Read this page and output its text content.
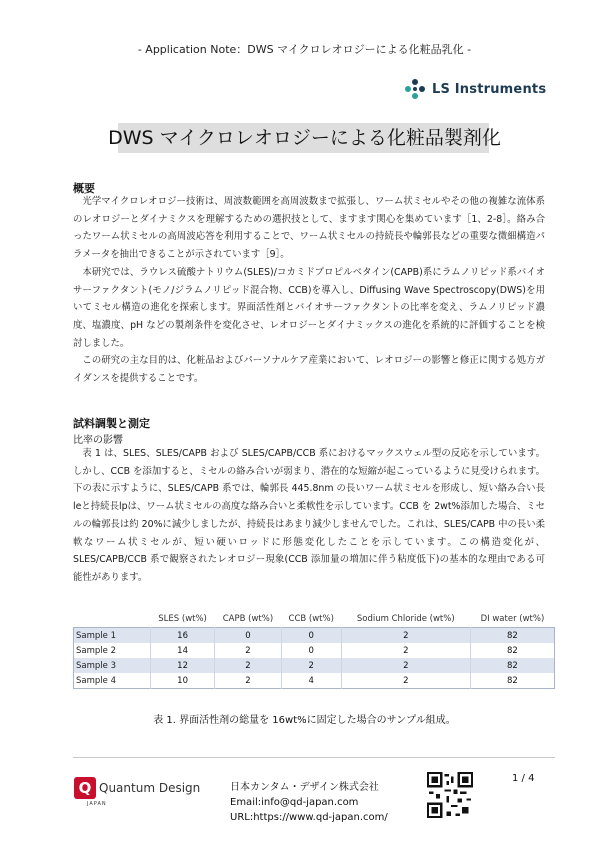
- Application Note：DWS マイクロレオロジーによる化粧品乳化 -
LS Instruments
DWS マイクロレオロジーによる化粧品製剤化
概要

光学マイクロレオロジー技術は、周波数範囲を高周波数まで拡張し、ワーム状ミセルやその他の複雑な流体系のレオロジーとダイナミクスを理解するための選択技として、ますます関心を集めています［1、2-8］。絡み合ったワーム状ミセルの高周波応答を利用することで、ワーム状ミセルの持続長や輪郭長などの重要な微細構造パラメータを抽出できることが示されています［9］。

本研究では、ラウレス硫酸ナトリウム(SLES)/コカミドプロピルベタイン(CAPB)系にラムノリピッド系バイオサーファクタント(モノ/ジラムノリピッド混合物、CCB)を導入し、Diffusing Wave Spectroscopy(DWS)を用いてミセル構造の進化を探索します。界面活性剤とバイオサーファクタントの比率を変え、ラムノリピッド濃度、塩濃度、pH などの製剤条件を変化させ、レオロジーとダイナミックスの進化を系統的に評価することを検討しました。

この研究の主な目的は、化粧品およびパーソナルケア産業において、レオロジーの影響と修正に関する処方ガイダンスを提供することです。

試料調製と測定
比率の影響

表 1 は、SLES、SLES/CAPB および SLES/CAPB/CCB 系におけるマックスウェル型の反応を示しています。しかし、CCB を添加すると、ミセルの絡み合いが弱まり、潜在的な短縮が起こっているように見受けられます。下の表に示すように、SLES/CAPB 系では、輪郭長 445.8nm の長いワーム状ミセルを形成し、短い絡み合い長leと持続長lpは、ワーム状ミセルの高度な絡み合いと柔軟性を示しています。CCB を 2wt%添加した場合、ミセルの輪郭長は約 20%に減少しましたが、持続長はあまり減少しませんでした。これは、SLES/CAPB 中の長い柔軟なワーム状ミセルが、短い硬いロッドに形態変化したことを示しています。この構造変化が、SLES/CAPB/CCB 系で観察されたレオロジー現象(CCB 添加量の増加に伴う粘度低下)の基本的な理由である可能性があります。

	SLES (wt%)	CAPB (wt%)	CCB (wt%)	Sodium Chloride (wt%)	DI water (wt%)
Sample 1	16	0	0	2	82
Sample 2	14	2	0	2	82
Sample 3	12	2	2	2	82
Sample 4	10	2	4	2	82
表 1. 界面活性剤の総量を 16wt%に固定した場合のサンプル組成。
Q Quantum Design
JAPAN
日本カンタム・デザイン株式会社
Email:info@qd-japan.com
URL:https://www.qd-japan.com/
1 / 4
